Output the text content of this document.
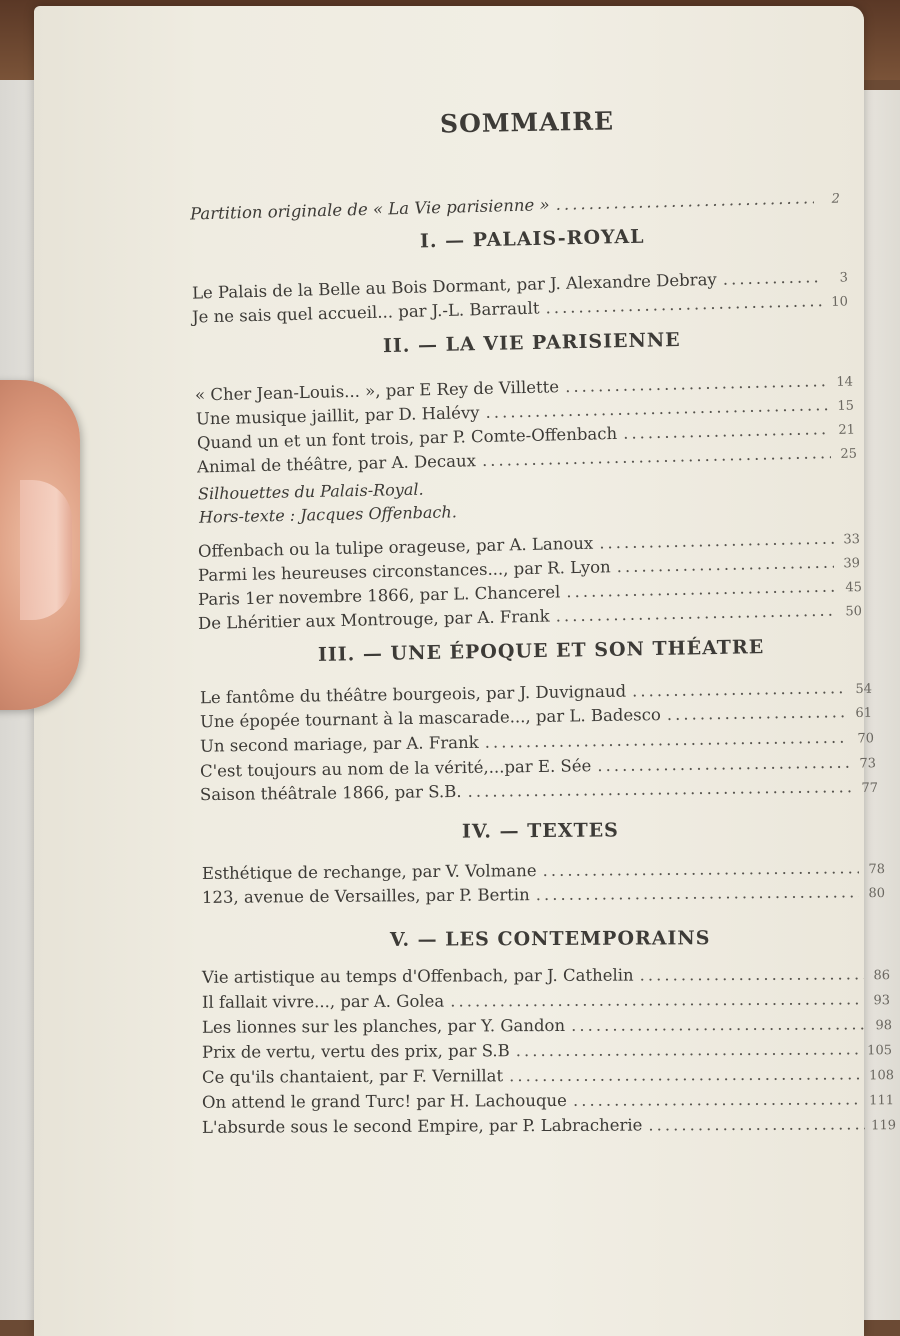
SOMMAIRE
Partition originale de « La Vie parisienne » .....	2
I. — PALAIS-ROYAL
Le Palais de la Belle au Bois Dormant, par J. Alexandre Debray .....	3
Je ne sais quel accueil... par J.-L. Barrault .....	10
II. — LA VIE PARISIENNE
« Cher Jean-Louis... », par E Rey de Villette .....	14
Une musique jaillit, par D. Halévy .....	15
Quand un et un font trois, par P. Comte-Offenbach .....	21
Animal de théâtre, par A. Decaux .....	25
Silhouettes du Palais-Royal.
Hors-texte : Jacques Offenbach.
Offenbach ou la tulipe orageuse, par A. Lanoux .....	33
Parmi les heureuses circonstances..., par R. Lyon .....	39
Paris 1er novembre 1866, par L. Chancerel .....	45
De Lhéritier aux Montrouge, par A. Frank .....	50
III. — UNE ÉPOQUE ET SON THÉATRE
Le fantôme du théâtre bourgeois, par J. Duvignaud .....	54
Une épopée tournant à la mascarade..., par L. Badesco .....	61
Un second mariage, par A. Frank .....	70
C'est toujours au nom de la vérité,...par E. Sée .....	73
Saison théâtrale 1866, par S.B. .....	77
IV. — TEXTES
Esthétique de rechange, par V. Volmane .....	78
123, avenue de Versailles, par P. Bertin .....	80
V. — LES CONTEMPORAINS
Vie artistique au temps d'Offenbach, par J. Cathelin .....	86
Il fallait vivre..., par A. Golea .....	93
Les lionnes sur les planches, par Y. Gandon .....	98
Prix de vertu, vertu des prix, par S.B .....	105
Ce qu'ils chantaient, par F. Vernillat .....	108
On attend le grand Turc! par H. Lachouque .....	111
L'absurde sous le second Empire, par P. Labracherie .....	119
